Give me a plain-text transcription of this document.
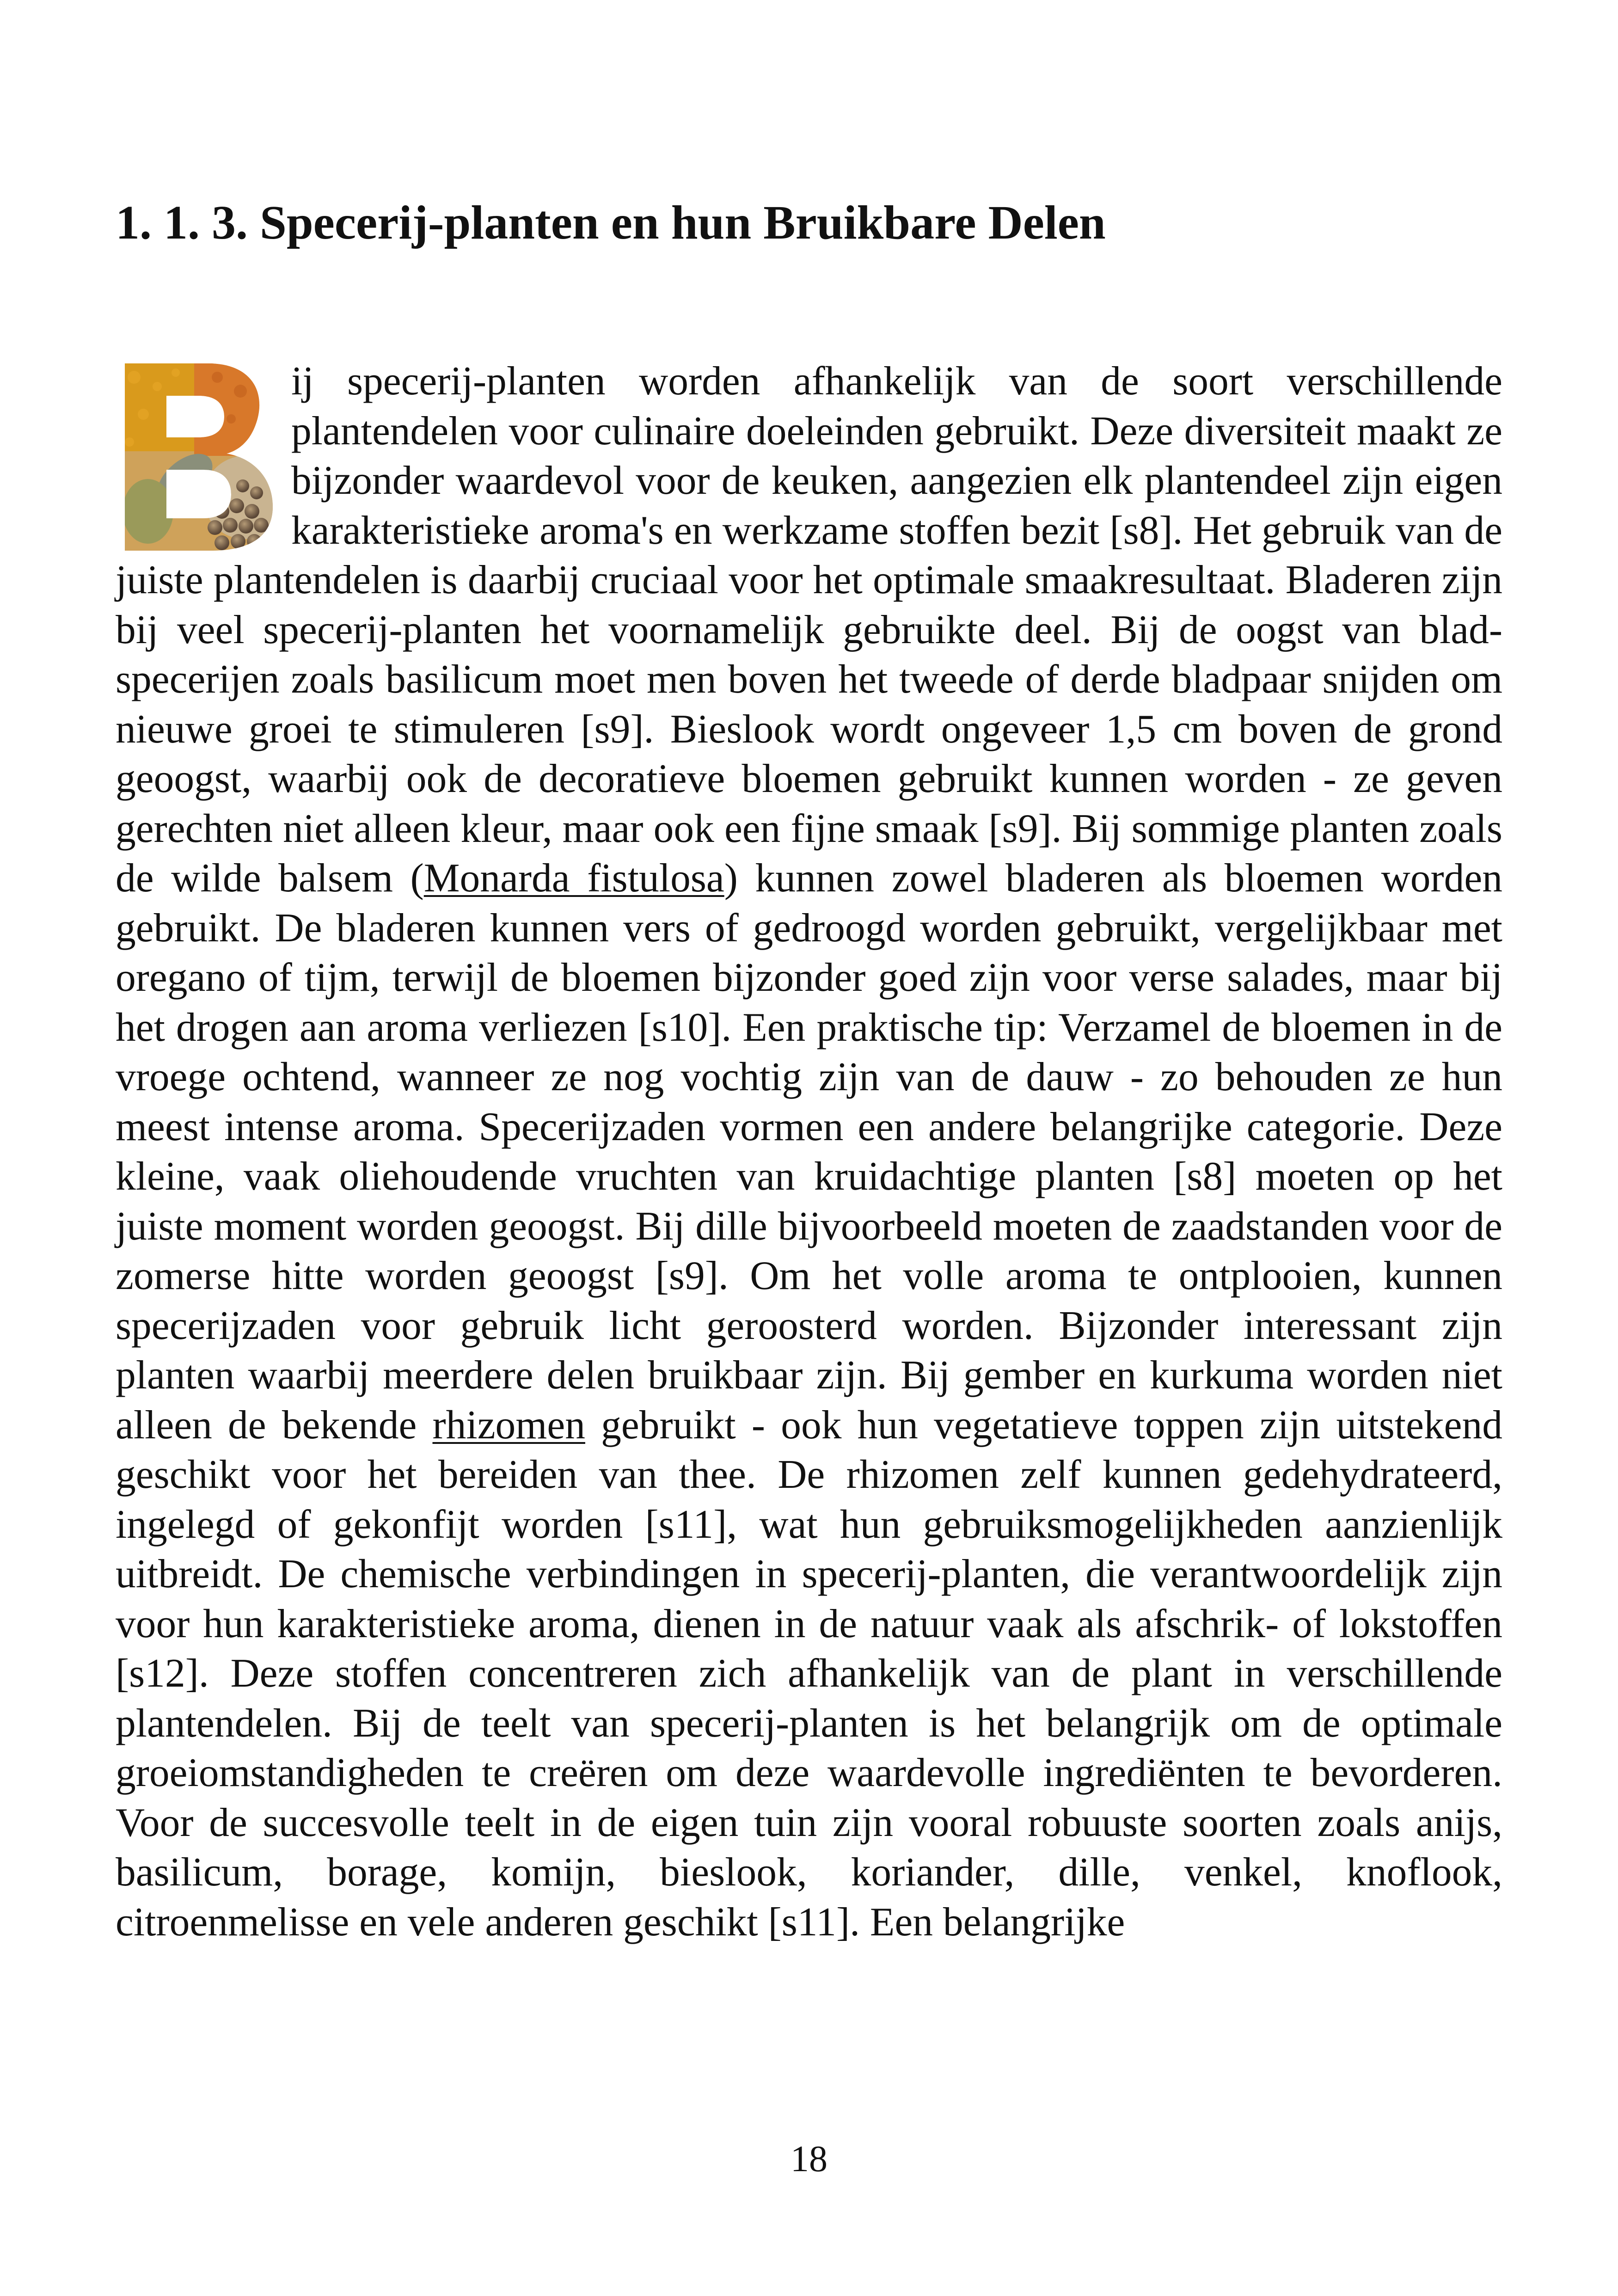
1. 1. 3. Specerij-planten en hun Bruikbare Delen

ij specerij-planten worden afhankelijk van de soort verschillende plantendelen voor culinaire doeleinden gebruikt. Deze diversiteit maakt ze bijzonder waardevol voor de keuken, aangezien elk plantendeel zijn eigen karakteristieke aroma's en werkzame stoffen bezit [s8]. Het gebruik van de juiste plantendelen is daarbij cruciaal voor het optimale smaakresultaat. Bladeren zijn bij veel specerij-planten het voornamelijk gebruikte deel. Bij de oogst van blad-specerijen zoals basilicum moet men boven het tweede of derde bladpaar snijden om nieuwe groei te stimuleren [s9]. Bieslook wordt ongeveer 1,5 cm boven de grond geoogst, waarbij ook de decoratieve bloemen gebruikt kunnen worden - ze geven gerechten niet alleen kleur, maar ook een fijne smaak [s9]. Bij sommige planten zoals de wilde balsem (Monarda fistulosa) kunnen zowel bladeren als bloemen worden gebruikt. De bladeren kunnen vers of gedroogd worden gebruikt, vergelijkbaar met oregano of tijm, terwijl de bloemen bijzonder goed zijn voor verse salades, maar bij het drogen aan aroma verliezen [s10]. Een praktische tip: Verzamel de bloemen in de vroege ochtend, wanneer ze nog vochtig zijn van de dauw - zo behouden ze hun meest intense aroma. Specerijzaden vormen een andere belangrijke categorie. Deze kleine, vaak oliehoudende vruchten van kruidachtige planten [s8] moeten op het juiste moment worden geoogst. Bij dille bijvoorbeeld moeten de zaadstanden voor de zomerse hitte worden geoogst [s9]. Om het volle aroma te ontplooien, kunnen specerijzaden voor gebruik licht geroosterd worden. Bijzonder interessant zijn planten waarbij meerdere delen bruikbaar zijn. Bij gember en kurkuma worden niet alleen de bekende rhizomen gebruikt - ook hun vegetatieve toppen zijn uitstekend geschikt voor het bereiden van thee. De rhizomen zelf kunnen gedehydrateerd, ingelegd of gekonfijt worden [s11], wat hun gebruiksmogelijkheden aanzienlijk uitbreidt. De chemische verbindingen in specerij-planten, die verantwoordelijk zijn voor hun karakteristieke aroma, dienen in de natuur vaak als afschrik- of lokstoffen [s12]. Deze stoffen concentreren zich afhankelijk van de plant in verschillende plantendelen. Bij de teelt van specerij-planten is het belangrijk om de optimale groeiomstandigheden te creëren om deze waardevolle ingrediënten te bevorderen. Voor de succesvolle teelt in de eigen tuin zijn vooral robuuste soorten zoals anijs, basilicum, borage, komijn, bieslook, koriander, dille, venkel, knoflook, citroenmelisse en vele anderen geschikt [s11]. Een belangrijke

18
